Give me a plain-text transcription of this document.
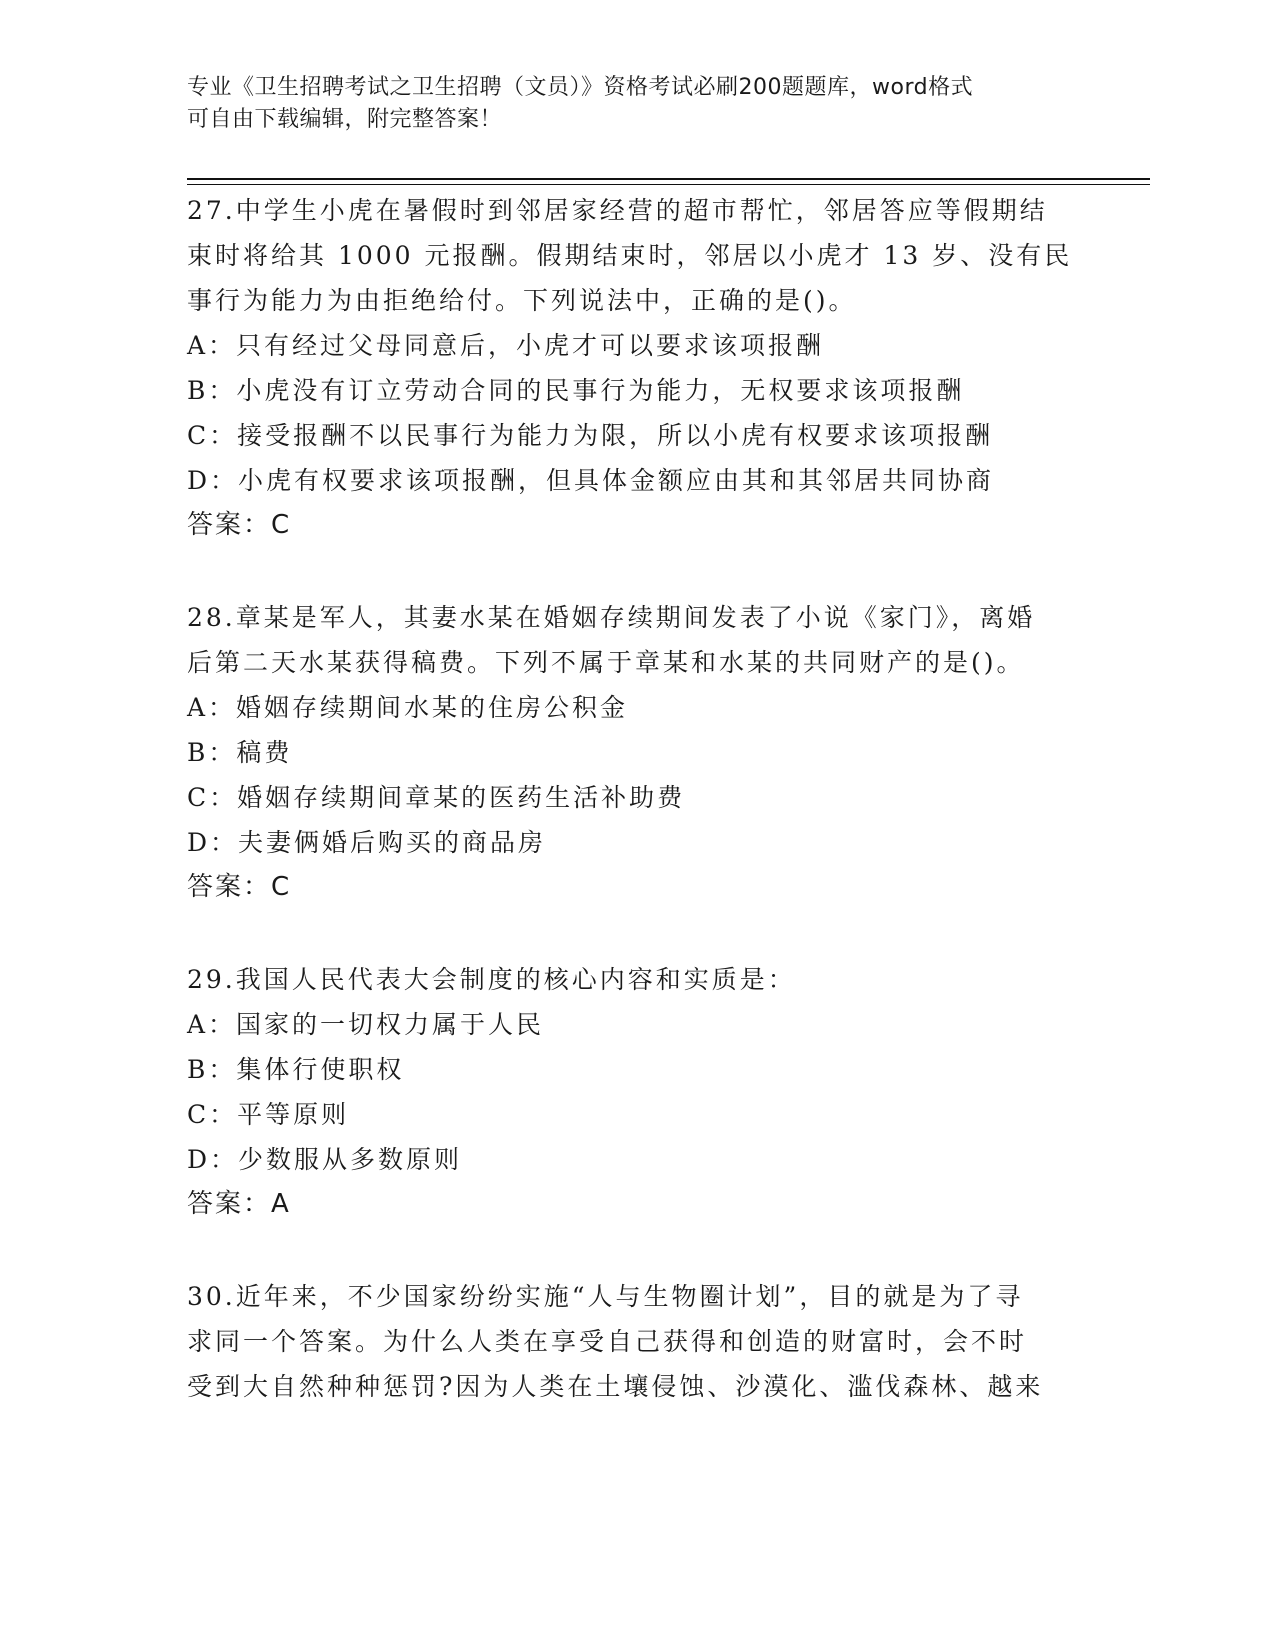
专业《卫生招聘考试之卫生招聘（文员）》资格考试必刷200题题库，word格式
可自由下载编辑，附完整答案！
27.中学生小虎在暑假时到邻居家经营的超市帮忙，邻居答应等假期结
束时将给其 1000 元报酬。假期结束时，邻居以小虎才 13 岁、没有民
事行为能力为由拒绝给付。下列说法中，正确的是()。
A：只有经过父母同意后，小虎才可以要求该项报酬
B：小虎没有订立劳动合同的民事行为能力，无权要求该项报酬
C：接受报酬不以民事行为能力为限，所以小虎有权要求该项报酬
D：小虎有权要求该项报酬，但具体金额应由其和其邻居共同协商
答案：C
28.章某是军人，其妻水某在婚姻存续期间发表了小说《家门》，离婚
后第二天水某获得稿费。下列不属于章某和水某的共同财产的是()。
A：婚姻存续期间水某的住房公积金
B：稿费
C：婚姻存续期间章某的医药生活补助费
D：夫妻俩婚后购买的商品房
答案：C
29.我国人民代表大会制度的核心内容和实质是：
A：国家的一切权力属于人民
B：集体行使职权
C：平等原则
D：少数服从多数原则
答案：A
30.近年来，不少国家纷纷实施“人与生物圈计划”，目的就是为了寻
求同一个答案。为什么人类在享受自己获得和创造的财富时，会不时
受到大自然种种惩罚?因为人类在土壤侵蚀、沙漠化、滥伐森林、越来
